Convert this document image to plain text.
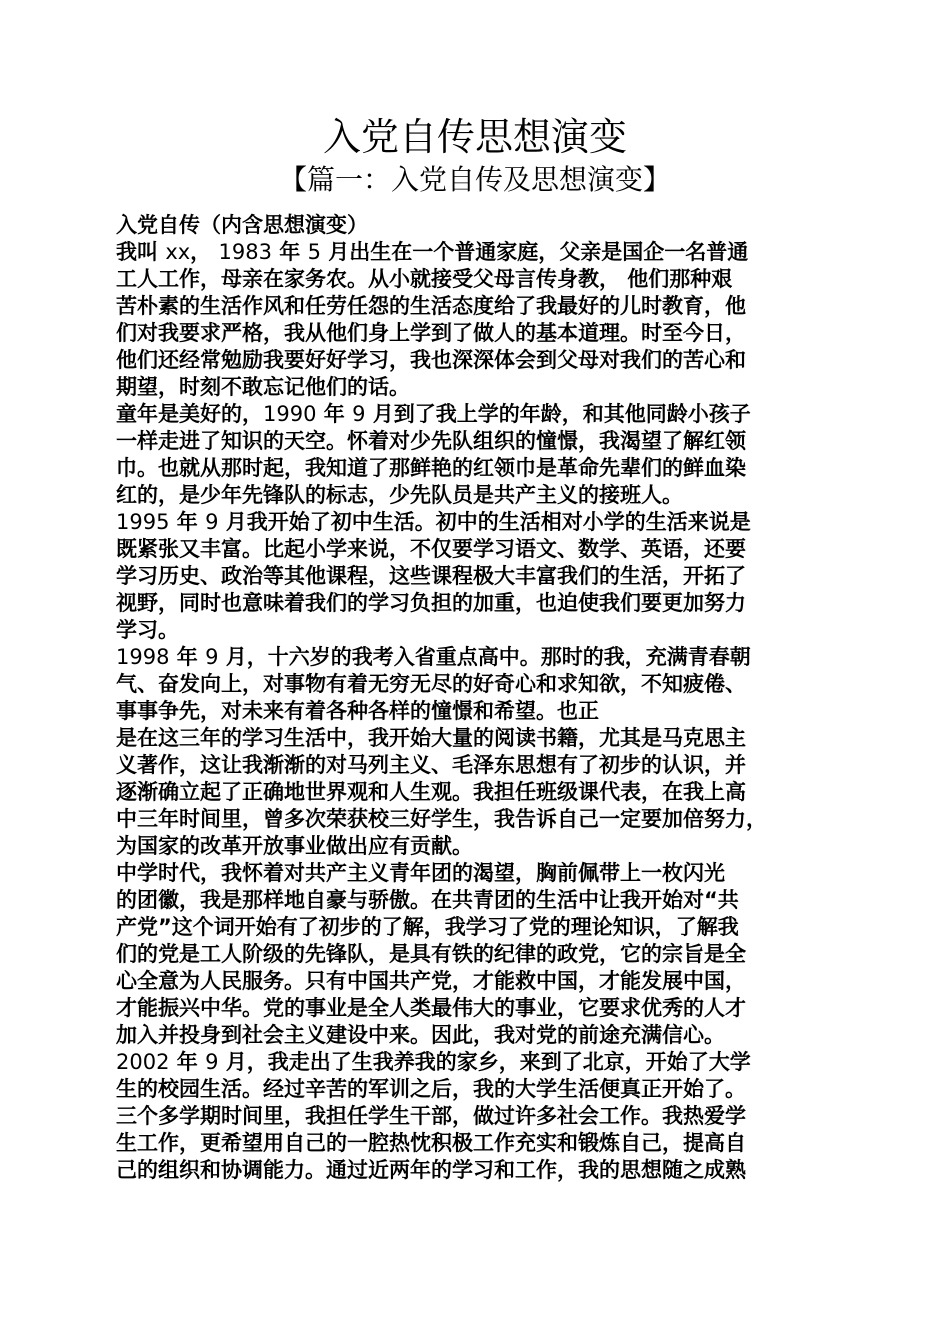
入党自传思想演变
【篇一：入党自传及思想演变】
入党自传（内含思想演变）
我叫 xx， 1983 年 5 月出生在一个普通家庭，父亲是国企一名普通
工人工作，母亲在家务农。从小就接受父母言传身教， 他们那种艰
苦朴素的生活作风和任劳任怨的生活态度给了我最好的儿时教育，他
们对我要求严格，我从他们身上学到了做人的基本道理。时至今日，
他们还经常勉励我要好好学习，我也深深体会到父母对我们的苦心和
期望，时刻不敢忘记他们的话。
童年是美好的，1990 年 9 月到了我上学的年龄，和其他同龄小孩子
一样走进了知识的天空。怀着对少先队组织的憧憬，我渴望了解红领
巾。也就从那时起，我知道了那鲜艳的红领巾是革命先辈们的鲜血染
红的，是少年先锋队的标志，少先队员是共产主义的接班人。
1995 年 9 月我开始了初中生活。初中的生活相对小学的生活来说是
既紧张又丰富。比起小学来说，不仅要学习语文、数学、英语，还要
学习历史、政治等其他课程，这些课程极大丰富我们的生活，开拓了
视野，同时也意味着我们的学习负担的加重，也迫使我们要更加努力
学习。
1998 年 9 月，十六岁的我考入省重点高中。那时的我，充满青春朝
气、奋发向上，对事物有着无穷无尽的好奇心和求知欲，不知疲倦、
事事争先，对未来有着各种各样的憧憬和希望。也正
是在这三年的学习生活中，我开始大量的阅读书籍，尤其是马克思主
义著作，这让我渐渐的对马列主义、毛泽东思想有了初步的认识，并
逐渐确立起了正确地世界观和人生观。我担任班级课代表，在我上高
中三年时间里，曾多次荣获校三好学生，我告诉自己一定要加倍努力，
为国家的改革开放事业做出应有贡献。
中学时代，我怀着对共产主义青年团的渴望，胸前佩带上一枚闪光
的团徽，我是那样地自豪与骄傲。在共青团的生活中让我开始对“共
产党”这个词开始有了初步的了解，我学习了党的理论知识，了解我
们的党是工人阶级的先锋队，是具有铁的纪律的政党，它的宗旨是全
心全意为人民服务。只有中国共产党，才能救中国，才能发展中国，
才能振兴中华。党的事业是全人类最伟大的事业，它要求优秀的人才
加入并投身到社会主义建设中来。因此，我对党的前途充满信心。
2002 年 9 月，我走出了生我养我的家乡，来到了北京，开始了大学
生的校园生活。经过辛苦的军训之后，我的大学生活便真正开始了。
三个多学期时间里，我担任学生干部，做过许多社会工作。我热爱学
生工作，更希望用自己的一腔热忱积极工作充实和锻炼自己，提高自
己的组织和协调能力。通过近两年的学习和工作，我的思想随之成熟
